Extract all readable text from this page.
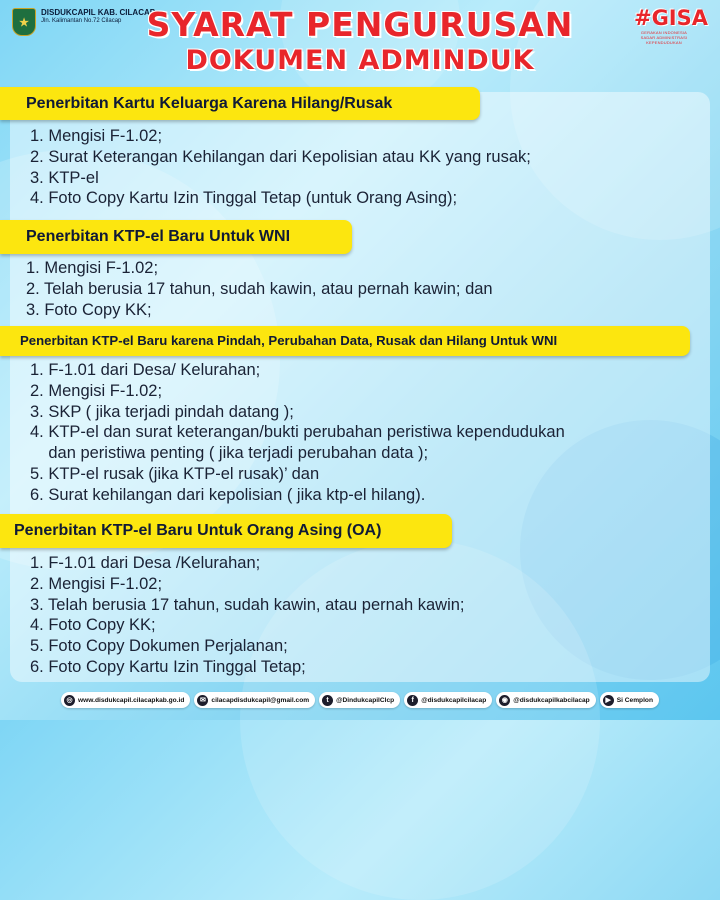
★
DISDUKCAPIL KAB. CILACAP
Jln. Kalimantan No.72 Cilacap SYARAT PENGURUSAN
DOKUMEN ADMINDUK
#GISA
GERAKAN INDONESIA SADAR ADMINISTRASI KEPENDUDUKAN
Penerbitan Kartu Keluarga Karena Hilang/Rusak
1. Mengisi F-1.02;
2. Surat Keterangan Kehilangan dari Kepolisian atau KK yang rusak;
3. KTP-el
4. Foto Copy Kartu Izin Tinggal Tetap (untuk Orang Asing);
Penerbitan KTP-el Baru Untuk WNI
1. Mengisi F-1.02;
2. Telah berusia 17 tahun, sudah kawin, atau pernah kawin; dan
3. Foto Copy KK;
Penerbitan KTP-el Baru karena Pindah, Perubahan Data, Rusak dan Hilang Untuk WNI
1. F-1.01 dari Desa/ Kelurahan;
2. Mengisi F-1.02;
3. SKP ( jika terjadi pindah datang );
4. KTP-el dan surat keterangan/bukti perubahan peristiwa kependudukan
dan peristiwa penting ( jika terjadi perubahan data );
5. KTP-el rusak (jika KTP-el rusak)’ dan
6. Surat kehilangan dari kepolisian ( jika ktp-el hilang).
Penerbitan KTP-el Baru Untuk Orang Asing (OA)
1. F-1.01 dari Desa /Kelurahan;
2. Mengisi F-1.02;
3. Telah berusia 17 tahun, sudah kawin, atau pernah kawin;
4. Foto Copy KK;
5. Foto Copy Dokumen Perjalanan;
6. Foto Copy Kartu Izin Tinggal Tetap;
◎ www.disdukcapil.cilacapkab.go.id	✉ cilacapdisdukcapil@gmail.com	t	@DindukcapilClcp	f	@disdukcapilcilacap	◉ @disdukcapilkabcilacap	▶ Si Cemplon
